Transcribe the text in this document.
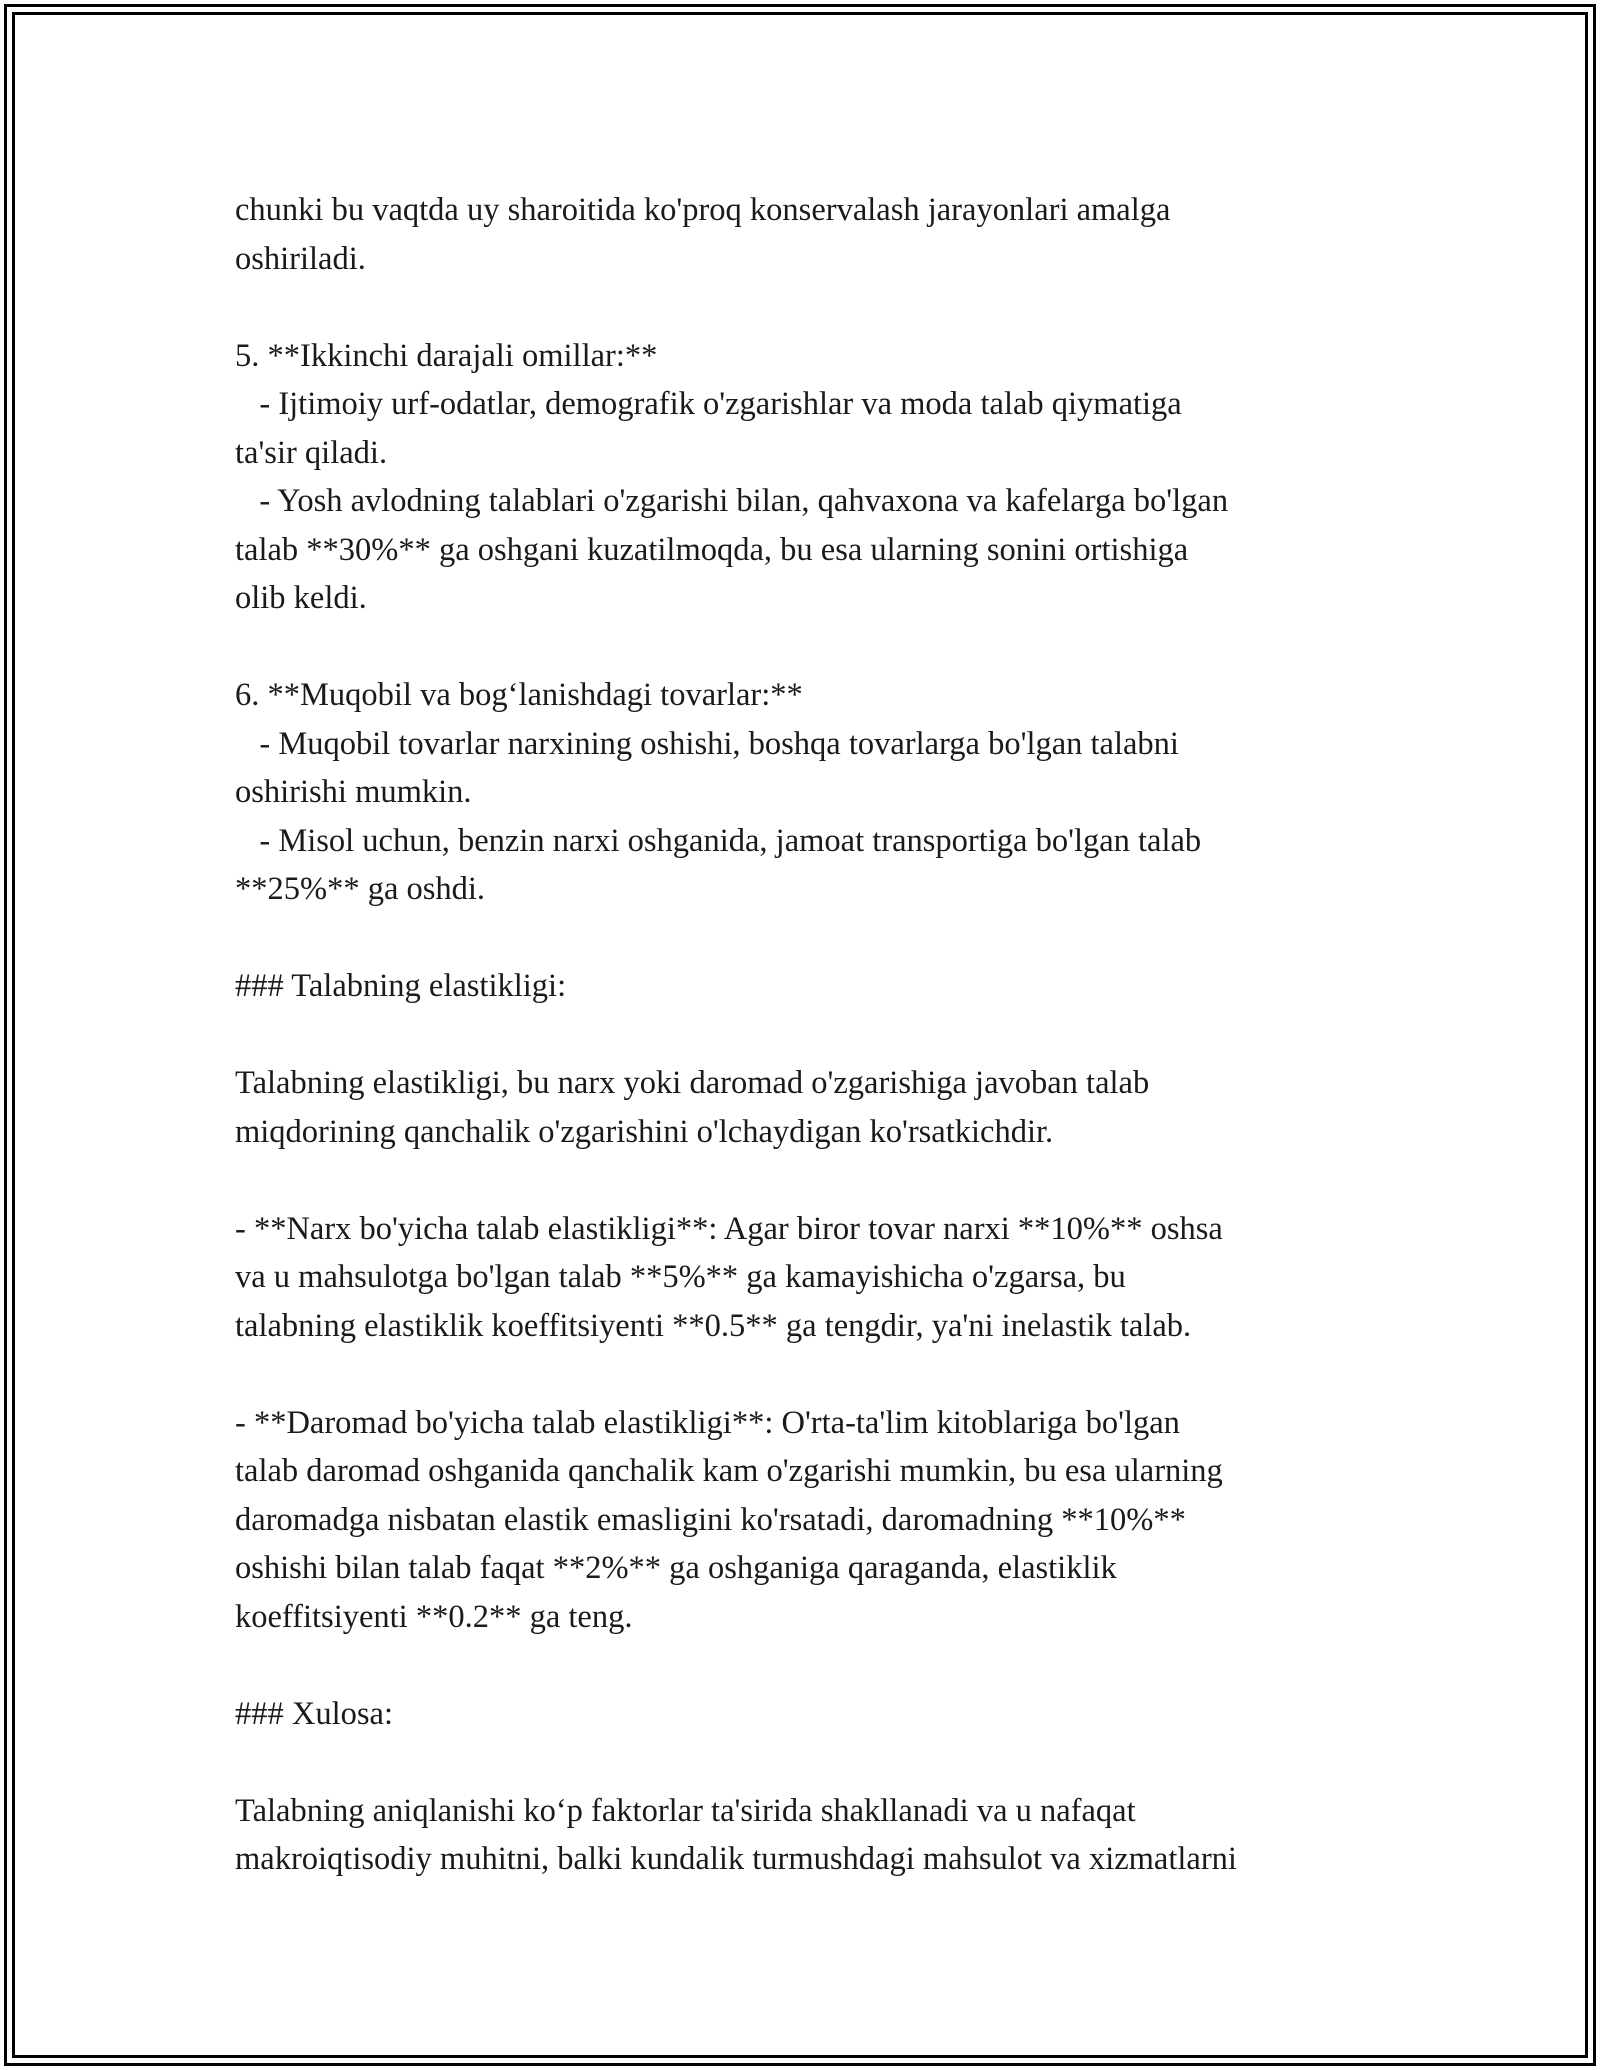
chunki bu vaqtda uy sharoitida ko'proq konservalash jarayonlari amalga
oshiriladi.
5. **Ikkinchi darajali omillar:**
- Ijtimoiy urf-odatlar, demografik o'zgarishlar va moda talab qiymatiga
ta'sir qiladi.
- Yosh avlodning talablari o'zgarishi bilan, qahvaxona va kafelarga bo'lgan
talab **30%** ga oshgani kuzatilmoqda, bu esa ularning sonini ortishiga
olib keldi.
6. **Muqobil va bog‘lanishdagi tovarlar:**
- Muqobil tovarlar narxining oshishi, boshqa tovarlarga bo'lgan talabni
oshirishi mumkin.
- Misol uchun, benzin narxi oshganida, jamoat transportiga bo'lgan talab
**25%** ga oshdi.
### Talabning elastikligi:
Talabning elastikligi, bu narx yoki daromad o'zgarishiga javoban talab
miqdorining qanchalik o'zgarishini o'lchaydigan ko'rsatkichdir.
- **Narx bo'yicha talab elastikligi**: Agar biror tovar narxi **10%** oshsa
va u mahsulotga bo'lgan talab **5%** ga kamayishicha o'zgarsa, bu
talabning elastiklik koeffitsiyenti **0.5** ga tengdir, ya'ni inelastik talab.
- **Daromad bo'yicha talab elastikligi**: O'rta-ta'lim kitoblariga bo'lgan
talab daromad oshganida qanchalik kam o'zgarishi mumkin, bu esa ularning
daromadga nisbatan elastik emasligini ko'rsatadi, daromadning **10%**
oshishi bilan talab faqat **2%** ga oshganiga qaraganda, elastiklik
koeffitsiyenti **0.2** ga teng.
### Xulosa:
Talabning aniqlanishi ko‘p faktorlar ta'sirida shakllanadi va u nafaqat
makroiqtisodiy muhitni, balki kundalik turmushdagi mahsulot va xizmatlarni
